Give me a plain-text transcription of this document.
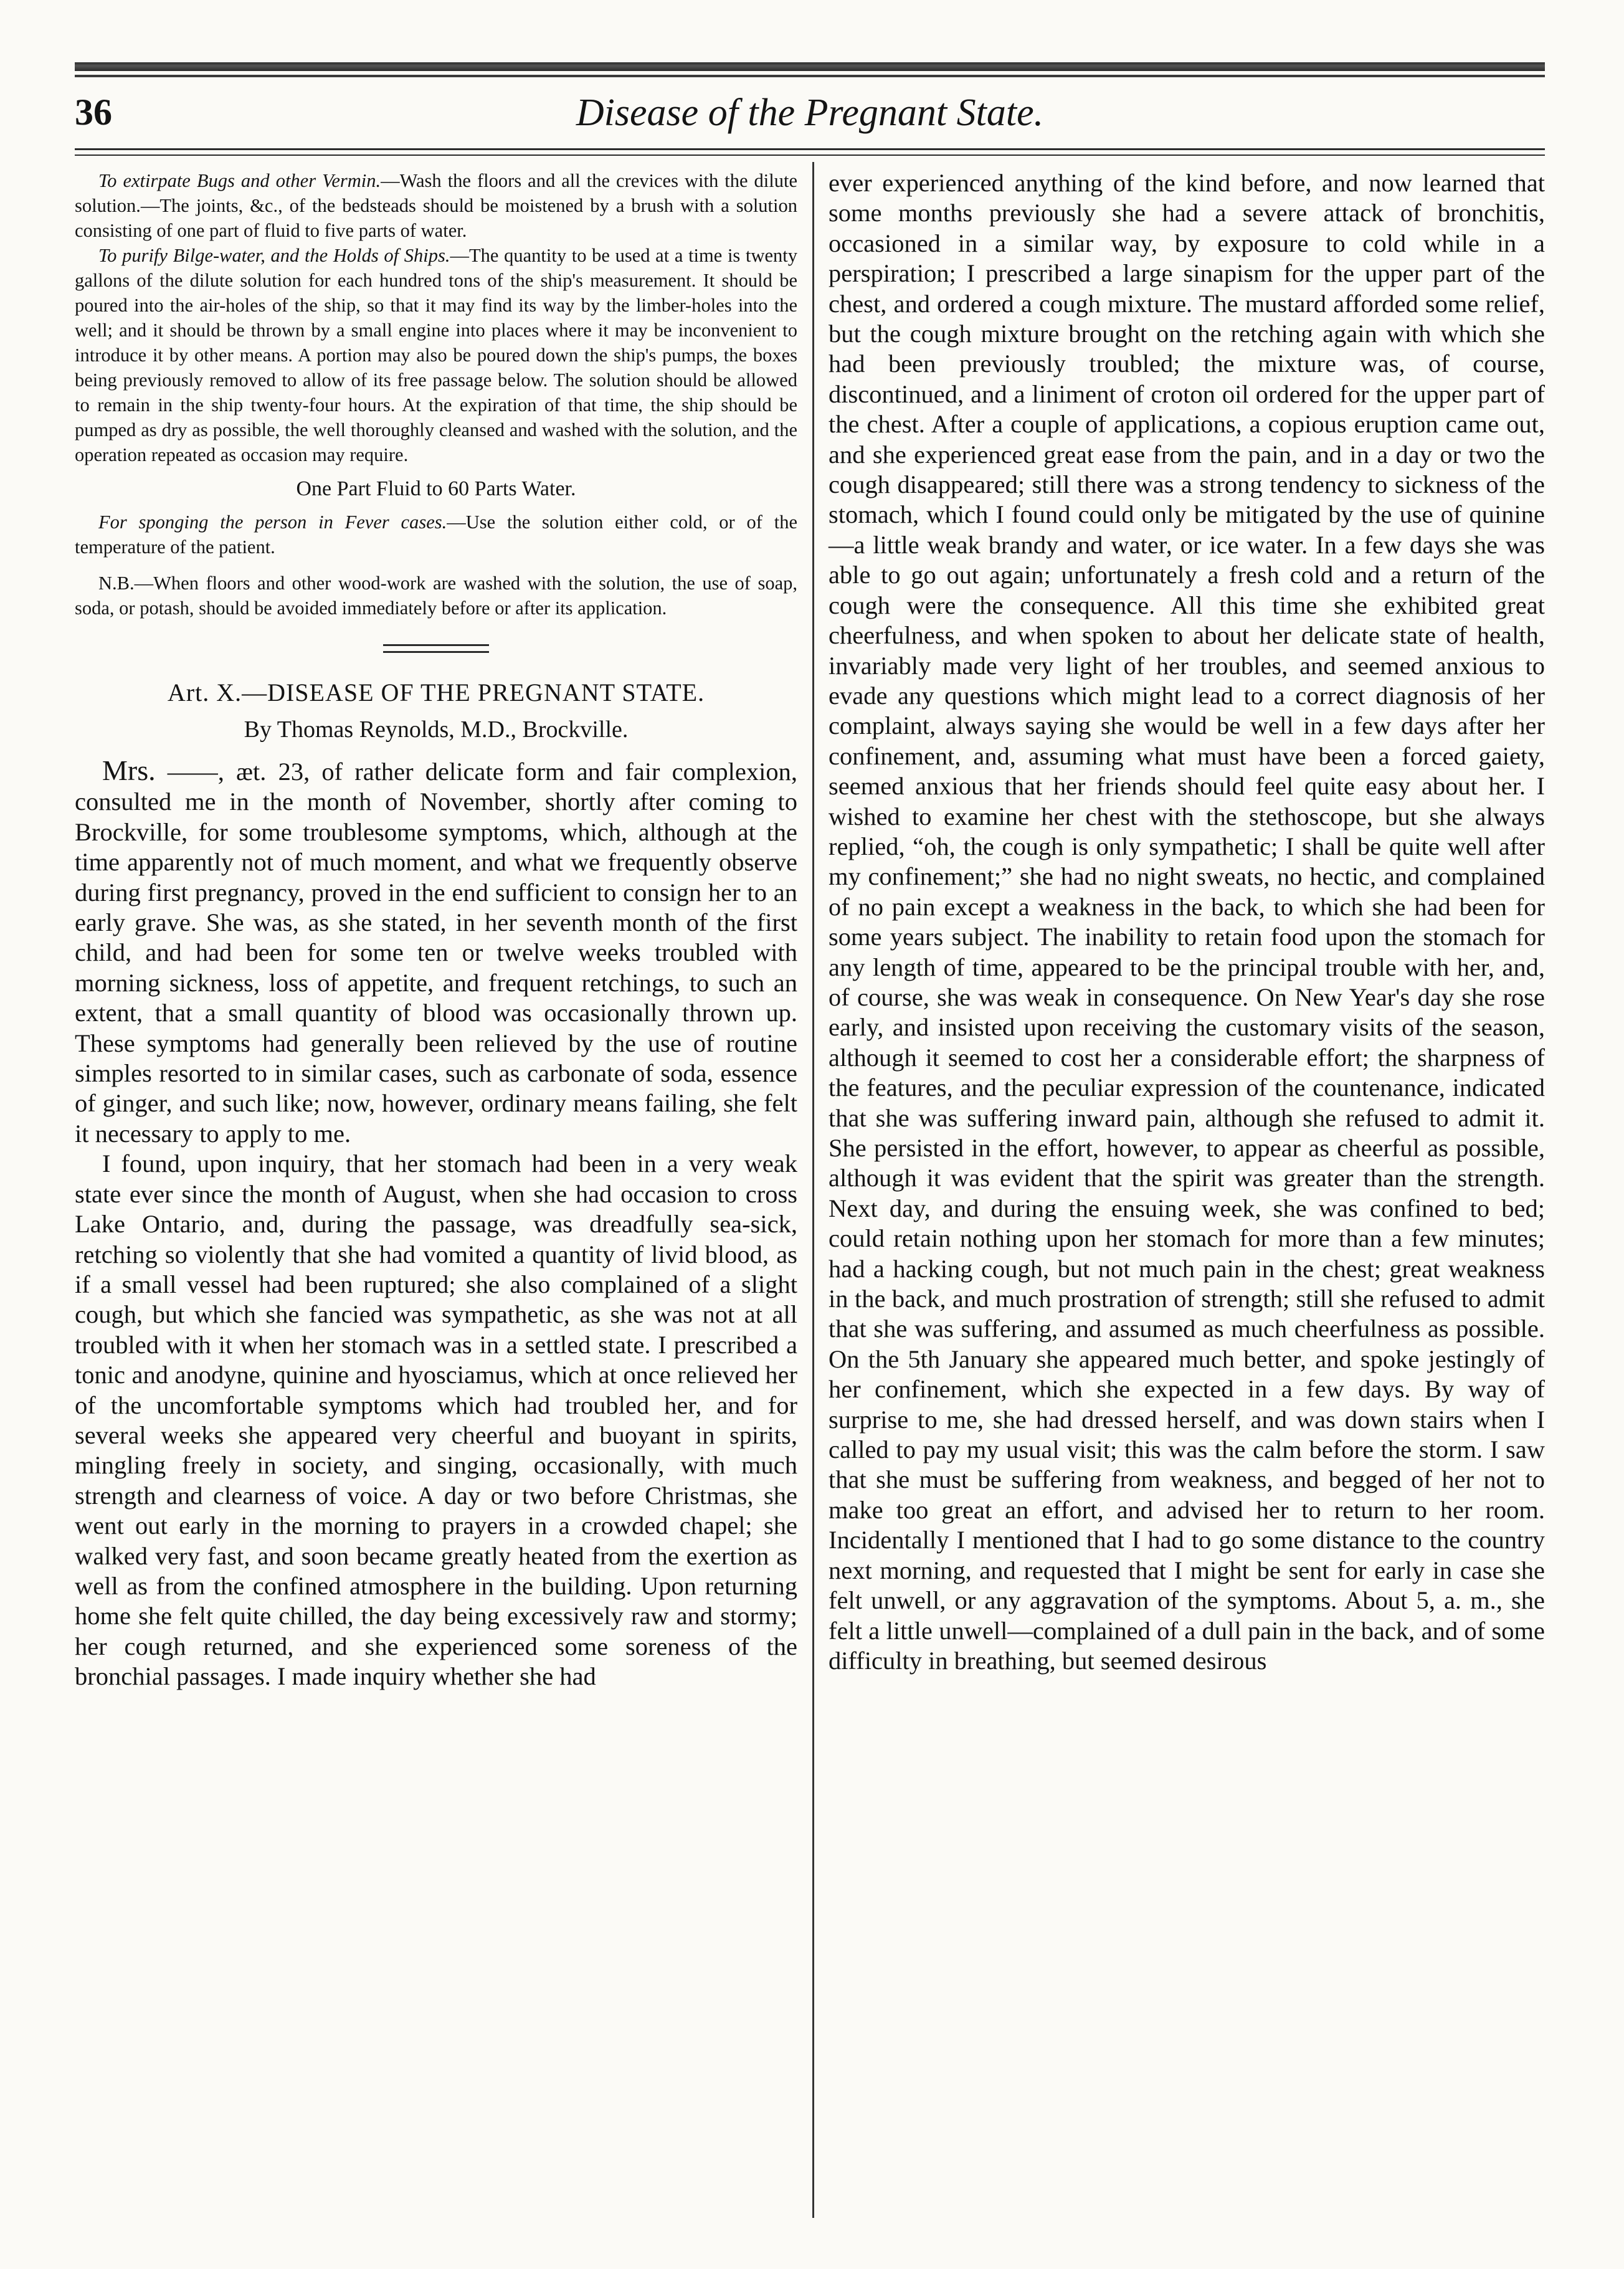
36	Disease of the Pregnant State.

To extirpate Bugs and other Vermin.—Wash the floors and all the crevices with the dilute solution.—The joints, &c., of the bedsteads should be moistened by a brush with a solution consisting of one part of fluid to five parts of water.
To purify Bilge-water, and the Holds of Ships.—The quantity to be used at a time is twenty gallons of the dilute solution for each hundred tons of the ship's measurement. It should be poured into the air-holes of the ship, so that it may find its way by the limber-holes into the well; and it should be thrown by a small engine into places where it may be inconvenient to introduce it by other means. A portion may also be poured down the ship's pumps, the boxes being previously removed to allow of its free passage below. The solution should be allowed to remain in the ship twenty-four hours. At the expiration of that time, the ship should be pumped as dry as possible, the well thoroughly cleansed and washed with the solution, and the operation repeated as occasion may require.

One Part Fluid to 60 Parts Water.

For sponging the person in Fever cases.—Use the solution either cold, or of the temperature of the patient.

N.B.—When floors and other wood-work are washed with the solution, the use of soap, soda, or potash, should be avoided immediately before or after its application.

Art. X.—DISEASE OF THE PREGNANT STATE.
By Thomas Reynolds, M.D., Brockville.

Mrs. ——, æt. 23, of rather delicate form and fair complexion, consulted me in the month of November, shortly after coming to Brockville, for some troublesome symptoms, which, although at the time apparently not of much moment, and what we frequently observe during first pregnancy, proved in the end sufficient to consign her to an early grave. She was, as she stated, in her seventh month of the first child, and had been for some ten or twelve weeks troubled with morning sickness, loss of appetite, and frequent retchings, to such an extent, that a small quantity of blood was occasionally thrown up. These symptoms had generally been relieved by the use of routine simples resorted to in similar cases, such as carbonate of soda, essence of ginger, and such like; now, however, ordinary means failing, she felt it necessary to apply to me.

I found, upon inquiry, that her stomach had been in a very weak state ever since the month of August, when she had occasion to cross Lake Ontario, and, during the passage, was dreadfully sea-sick, retching so violently that she had vomited a quantity of livid blood, as if a small vessel had been ruptured; she also complained of a slight cough, but which she fancied was sympathetic, as she was not at all troubled with it when her stomach was in a settled state. I prescribed a tonic and anodyne, quinine and hyosciamus, which at once relieved her of the uncomfortable symptoms which had troubled her, and for several weeks she appeared very cheerful and buoyant in spirits, mingling freely in society, and singing, occasionally, with much strength and clearness of voice. A day or two before Christmas, she went out early in the morning to prayers in a crowded chapel; she walked very fast, and soon became greatly heated from the exertion as well as from the confined atmosphere in the building. Upon returning home she felt quite chilled, the day being excessively raw and stormy; her cough returned, and she experienced some soreness of the bronchial passages. I made inquiry whether she had

ever experienced anything of the kind before, and now learned that some months previously she had a severe attack of bronchitis, occasioned in a similar way, by exposure to cold while in a perspiration; I prescribed a large sinapism for the upper part of the chest, and ordered a cough mixture. The mustard afforded some relief, but the cough mixture brought on the retching again with which she had been previously troubled; the mixture was, of course, discontinued, and a liniment of croton oil ordered for the upper part of the chest. After a couple of applications, a copious eruption came out, and she experienced great ease from the pain, and in a day or two the cough disappeared; still there was a strong tendency to sickness of the stomach, which I found could only be mitigated by the use of quinine—a little weak brandy and water, or ice water. In a few days she was able to go out again; unfortunately a fresh cold and a return of the cough were the consequence. All this time she exhibited great cheerfulness, and when spoken to about her delicate state of health, invariably made very light of her troubles, and seemed anxious to evade any questions which might lead to a correct diagnosis of her complaint, always saying she would be well in a few days after her confinement, and, assuming what must have been a forced gaiety, seemed anxious that her friends should feel quite easy about her. I wished to examine her chest with the stethoscope, but she always replied, “oh, the cough is only sympathetic; I shall be quite well after my confinement;” she had no night sweats, no hectic, and complained of no pain except a weakness in the back, to which she had been for some years subject. The inability to retain food upon the stomach for any length of time, appeared to be the principal trouble with her, and, of course, she was weak in consequence. On New Year's day she rose early, and insisted upon receiving the customary visits of the season, although it seemed to cost her a considerable effort; the sharpness of the features, and the peculiar expression of the countenance, indicated that she was suffering inward pain, although she refused to admit it. She persisted in the effort, however, to appear as cheerful as possible, although it was evident that the spirit was greater than the strength. Next day, and during the ensuing week, she was confined to bed; could retain nothing upon her stomach for more than a few minutes; had a hacking cough, but not much pain in the chest; great weakness in the back, and much prostration of strength; still she refused to admit that she was suffering, and assumed as much cheerfulness as possible. On the 5th January she appeared much better, and spoke jestingly of her confinement, which she expected in a few days. By way of surprise to me, she had dressed herself, and was down stairs when I called to pay my usual visit; this was the calm before the storm. I saw that she must be suffering from weakness, and begged of her not to make too great an effort, and advised her to return to her room. Incidentally I mentioned that I had to go some distance to the country next morning, and requested that I might be sent for early in case she felt unwell, or any aggravation of the symptoms. About 5, a. m., she felt a little unwell—complained of a dull pain in the back, and of some difficulty in breathing, but seemed desirous
